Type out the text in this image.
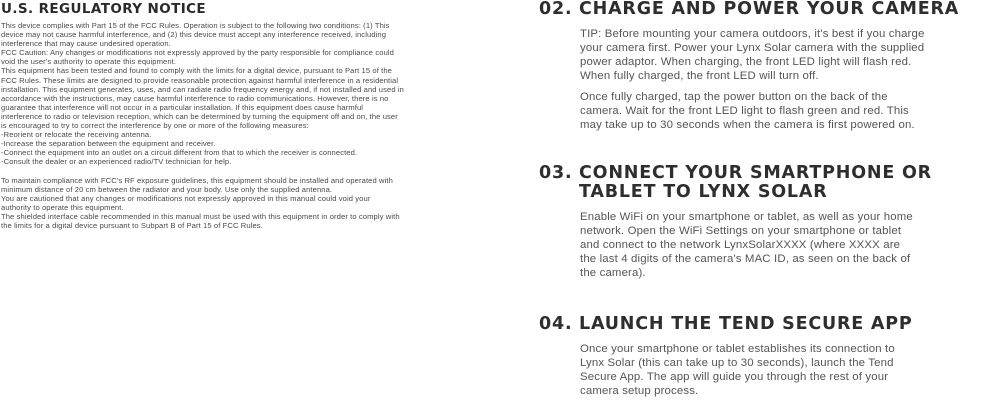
U.S. REGULATORY NOTICE
This device complies with Part 15 of the FCC Rules. Operation is subject to the following two conditions: (1) This
device may not cause harmful interference, and (2) this device must accept any interference received, including
interference that may cause undesired operation.
FCC Caution: Any changes or modifications not expressly approved by the party responsible for compliance could
void the user's authority to operate this equipment.
This equipment has been tested and found to comply with the limits for a digital device, pursuant to Part 15 of the
FCC Rules. These limits are designed to provide reasonable protection against harmful interference in a residential
installation. This equipment generates, uses, and can radiate radio frequency energy and, if not installed and used in
accordance with the instructions, may cause harmful interference to radio communications. However, there is no
guarantee that interference will not occur in a particular installation. If this equipment does cause harmful
interference to radio or television reception, which can be determined by turning the equipment off and on, the user
is encouraged to try to correct the interference by one or more of the following measures:
-Reorient or relocate the receiving antenna.
-Increase the separation between the equipment and receiver.
-Connect the equipment into an outlet on a circuit different from that to which the receiver is connected.
-Consult the dealer or an experienced radio/TV technician for help.
To maintain compliance with FCC's RF exposure guidelines, this equipment should be installed and operated with
minimum distance of 20 cm between the radiator and your body. Use only the supplied antenna.
You are cautioned that any changes or modifications not expressly approved in this manual could void your
authority to operate this equipment.
The shielded interface cable recommended in this manual must be used with this equipment in order to comply with
the limits for a digital device pursuant to Subpart B of Part 15 of FCC Rules.
02. CHARGE AND POWER YOUR CAMERA
TIP: Before mounting your camera outdoors, it's best if you charge
your camera first. Power your Lynx Solar camera with the supplied
power adaptor. When charging, the front LED light will flash red.
When fully charged, the front LED will turn off.
Once fully charged, tap the power button on the back of the
camera. Wait for the front LED light to flash green and red. This
may take up to 30 seconds when the camera is first powered on.
03. CONNECT YOUR SMARTPHONE OR
TABLET TO LYNX SOLAR
Enable WiFi on your smartphone or tablet, as well as your home
network. Open the WiFi Settings on your smartphone or tablet
and connect to the network LynxSolarXXXX (where XXXX are
the last 4 digits of the camera's MAC ID, as seen on the back of
the camera).
04. LAUNCH THE TEND SECURE APP
Once your smartphone or tablet establishes its connection to
Lynx Solar (this can take up to 30 seconds), launch the Tend
Secure App. The app will guide you through the rest of your
camera setup process.
